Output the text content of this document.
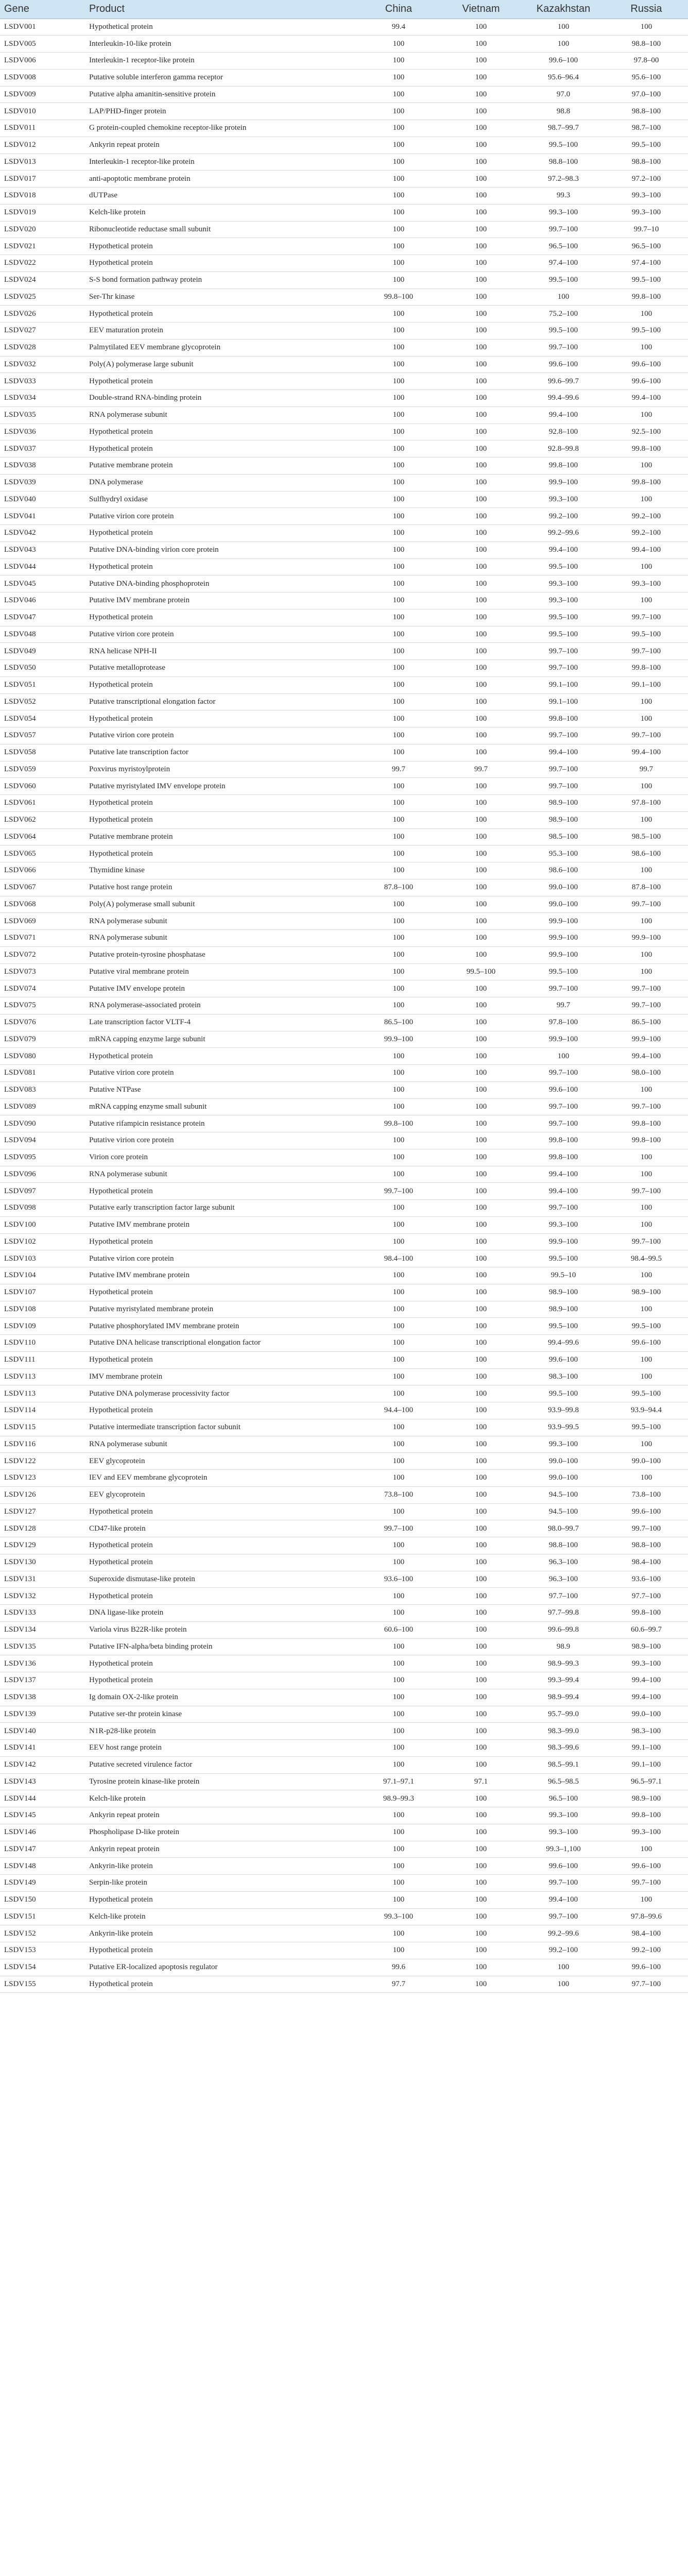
Gene	Product	China	Vietnam	Kazakhstan	Russia
LSDV001	Hypothetical protein	99.4	100	100	100
LSDV005	Interleukin-10-like protein	100	100	100	98.8–100
LSDV006	Interleukin-1 receptor-like protein	100	100	99.6–100	97.8–00
LSDV008	Putative soluble interferon gamma receptor	100	100	95.6–96.4	95.6–100
LSDV009	Putative alpha amanitin-sensitive protein	100	100	97.0	97.0–100
LSDV010	LAP/PHD-finger protein	100	100	98.8	98.8–100
LSDV011	G protein-coupled chemokine receptor-like protein	100	100	98.7–99.7	98.7–100
LSDV012	Ankyrin repeat protein	100	100	99.5–100	99.5–100
LSDV013	Interleukin-1 receptor-like protein	100	100	98.8–100	98.8–100
LSDV017	anti-apoptotic membrane protein	100	100	97.2–98.3	97.2–100
LSDV018	dUTPase	100	100	99.3	99.3–100
LSDV019	Kelch-like protein	100	100	99.3–100	99.3–100
LSDV020	Ribonucleotide reductase small subunit	100	100	99.7–100	99.7–10
LSDV021	Hypothetical protein	100	100	96.5–100	96.5–100
LSDV022	Hypothetical protein	100	100	97.4–100	97.4–100
LSDV024	S-S bond formation pathway protein	100	100	99.5–100	99.5–100
LSDV025	Ser-Thr kinase	99.8–100	100	100	99.8–100
LSDV026	Hypothetical protein	100	100	75.2–100	100
LSDV027	EEV maturation protein	100	100	99.5–100	99.5–100
LSDV028	Palmytilated EEV membrane glycoprotein	100	100	99.7–100	100
LSDV032	Poly(A) polymerase large subunit	100	100	99.6–100	99.6–100
LSDV033	Hypothetical protein	100	100	99.6–99.7	99.6–100
LSDV034	Double-strand RNA-binding protein	100	100	99.4–99.6	99.4–100
LSDV035	RNA polymerase subunit	100	100	99.4–100	100
LSDV036	Hypothetical protein	100	100	92.8–100	92.5–100
LSDV037	Hypothetical protein	100	100	92.8–99.8	99.8–100
LSDV038	Putative membrane protein	100	100	99.8–100	100
LSDV039	DNA polymerase	100	100	99.9–100	99.8–100
LSDV040	Sulfhydryl oxidase	100	100	99.3–100	100
LSDV041	Putative virion core protein	100	100	99.2–100	99.2–100
LSDV042	Hypothetical protein	100	100	99.2–99.6	99.2–100
LSDV043	Putative DNA-binding virion core protein	100	100	99.4–100	99.4–100
LSDV044	Hypothetical protein	100	100	99.5–100	100
LSDV045	Putative DNA-binding phosphoprotein	100	100	99.3–100	99.3–100
LSDV046	Putative IMV membrane protein	100	100	99.3–100	100
LSDV047	Hypothetical protein	100	100	99.5–100	99.7–100
LSDV048	Putative virion core protein	100	100	99.5–100	99.5–100
LSDV049	RNA helicase NPH-II	100	100	99.7–100	99.7–100
LSDV050	Putative metalloprotease	100	100	99.7–100	99.8–100
LSDV051	Hypothetical protein	100	100	99.1–100	99.1–100
LSDV052	Putative transcriptional elongation factor	100	100	99.1–100	100
LSDV054	Hypothetical protein	100	100	99.8–100	100
LSDV057	Putative virion core protein	100	100	99.7–100	99.7–100
LSDV058	Putative late transcription factor	100	100	99.4–100	99.4–100
LSDV059	Poxvirus myristoylprotein	99.7	99.7	99.7–100	99.7
LSDV060	Putative myristylated IMV envelope protein	100	100	99.7–100	100
LSDV061	Hypothetical protein	100	100	98.9–100	97.8–100
LSDV062	Hypothetical protein	100	100	98.9–100	100
LSDV064	Putative membrane protein	100	100	98.5–100	98.5–100
LSDV065	Hypothetical protein	100	100	95.3–100	98.6–100
LSDV066	Thymidine kinase	100	100	98.6–100	100
LSDV067	Putative host range protein	87.8–100	100	99.0–100	87.8–100
LSDV068	Poly(A) polymerase small subunit	100	100	99.0–100	99.7–100
LSDV069	RNA polymerase subunit	100	100	99.9–100	100
LSDV071	RNA polymerase subunit	100	100	99.9–100	99.9–100
LSDV072	Putative protein-tyrosine phosphatase	100	100	99.9–100	100
LSDV073	Putative viral membrane protein	100	99.5–100	99.5–100	100
LSDV074	Putative IMV envelope protein	100	100	99.7–100	99.7–100
LSDV075	RNA polymerase-associated protein	100	100	99.7	99.7–100
LSDV076	Late transcription factor VLTF-4	86.5–100	100	97.8–100	86.5–100
LSDV079	mRNA capping enzyme large subunit	99.9–100	100	99.9–100	99.9–100
LSDV080	Hypothetical protein	100	100	100	99.4–100
LSDV081	Putative virion core protein	100	100	99.7–100	98.0–100
LSDV083	Putative NTPase	100	100	99.6–100	100
LSDV089	mRNA capping enzyme small subunit	100	100	99.7–100	99.7–100
LSDV090	Putative rifampicin resistance protein	99.8–100	100	99.7–100	99.8–100
LSDV094	Putative virion core protein	100	100	99.8–100	99.8–100
LSDV095	Virion core protein	100	100	99.8–100	100
LSDV096	RNA polymerase subunit	100	100	99.4–100	100
LSDV097	Hypothetical protein	99.7–100	100	99.4–100	99.7–100
LSDV098	Putative early transcription factor large subunit	100	100	99.7–100	100
LSDV100	Putative IMV membrane protein	100	100	99.3–100	100
LSDV102	Hypothetical protein	100	100	99.9–100	99.7–100
LSDV103	Putative virion core protein	98.4–100	100	99.5–100	98.4–99.5
LSDV104	Putative IMV membrane protein	100	100	99.5–10	100
LSDV107	Hypothetical protein	100	100	98.9–100	98.9–100
LSDV108	Putative myristylated membrane protein	100	100	98.9–100	100
LSDV109	Putative phosphorylated IMV membrane protein	100	100	99.5–100	99.5–100
LSDV110	Putative DNA helicase transcriptional elongation factor	100	100	99.4–99.6	99.6–100
LSDV111	Hypothetical protein	100	100	99.6–100	100
LSDV113	IMV membrane protein	100	100	98.3–100	100
LSDV113	Putative DNA polymerase processivity factor	100	100	99.5–100	99.5–100
LSDV114	Hypothetical protein	94.4–100	100	93.9–99.8	93.9–94.4
LSDV115	Putative intermediate transcription factor subunit	100	100	93.9–99.5	99.5–100
LSDV116	RNA polymerase subunit	100	100	99.3–100	100
LSDV122	EEV glycoprotein	100	100	99.0–100	99.0–100
LSDV123	IEV and EEV membrane glycoprotein	100	100	99.0–100	100
LSDV126	EEV glycoprotein	73.8–100	100	94.5–100	73.8–100
LSDV127	Hypothetical protein	100	100	94.5–100	99.6–100
LSDV128	CD47-like protein	99.7–100	100	98.0–99.7	99.7–100
LSDV129	Hypothetical protein	100	100	98.8–100	98.8–100
LSDV130	Hypothetical protein	100	100	96.3–100	98.4–100
LSDV131	Superoxide dismutase-like protein	93.6–100	100	96.3–100	93.6–100
LSDV132	Hypothetical protein	100	100	97.7–100	97.7–100
LSDV133	DNA ligase-like protein	100	100	97.7–99.8	99.8–100
LSDV134	Variola virus B22R-like protein	60.6–100	100	99.6–99.8	60.6–99.7
LSDV135	Putative IFN-alpha/beta binding protein	100	100	98.9	98.9–100
LSDV136	Hypothetical protein	100	100	98.9–99.3	99.3–100
LSDV137	Hypothetical protein	100	100	99.3–99.4	99.4–100
LSDV138	Ig domain OX-2-like protein	100	100	98.9–99.4	99.4–100
LSDV139	Putative ser-thr protein kinase	100	100	95.7–99.0	99.0–100
LSDV140	N1R-p28-like protein	100	100	98.3–99.0	98.3–100
LSDV141	EEV host range protein	100	100	98.3–99.6	99.1–100
LSDV142	Putative secreted virulence factor	100	100	98.5–99.1	99.1–100
LSDV143	Tyrosine protein kinase-like protein	97.1–97.1	97.1	96.5–98.5	96.5–97.1
LSDV144	Kelch-like protein	98.9–99.3	100	96.5–100	98.9–100
LSDV145	Ankyrin repeat protein	100	100	99.3–100	99.8–100
LSDV146	Phospholipase D-like protein	100	100	99.3–100	99.3–100
LSDV147	Ankyrin repeat protein	100	100	99.3–1,100	100
LSDV148	Ankyrin-like protein	100	100	99.6–100	99.6–100
LSDV149	Serpin-like protein	100	100	99.7–100	99.7–100
LSDV150	Hypothetical protein	100	100	99.4–100	100
LSDV151	Kelch-like protein	99.3–100	100	99.7–100	97.8–99.6
LSDV152	Ankyrin-like protein	100	100	99.2–99.6	98.4–100
LSDV153	Hypothetical protein	100	100	99.2–100	99.2–100
LSDV154	Putative ER-localized apoptosis regulator	99.6	100	100	99.6–100
LSDV155	Hypothetical protein	97.7	100	100	97.7–100
